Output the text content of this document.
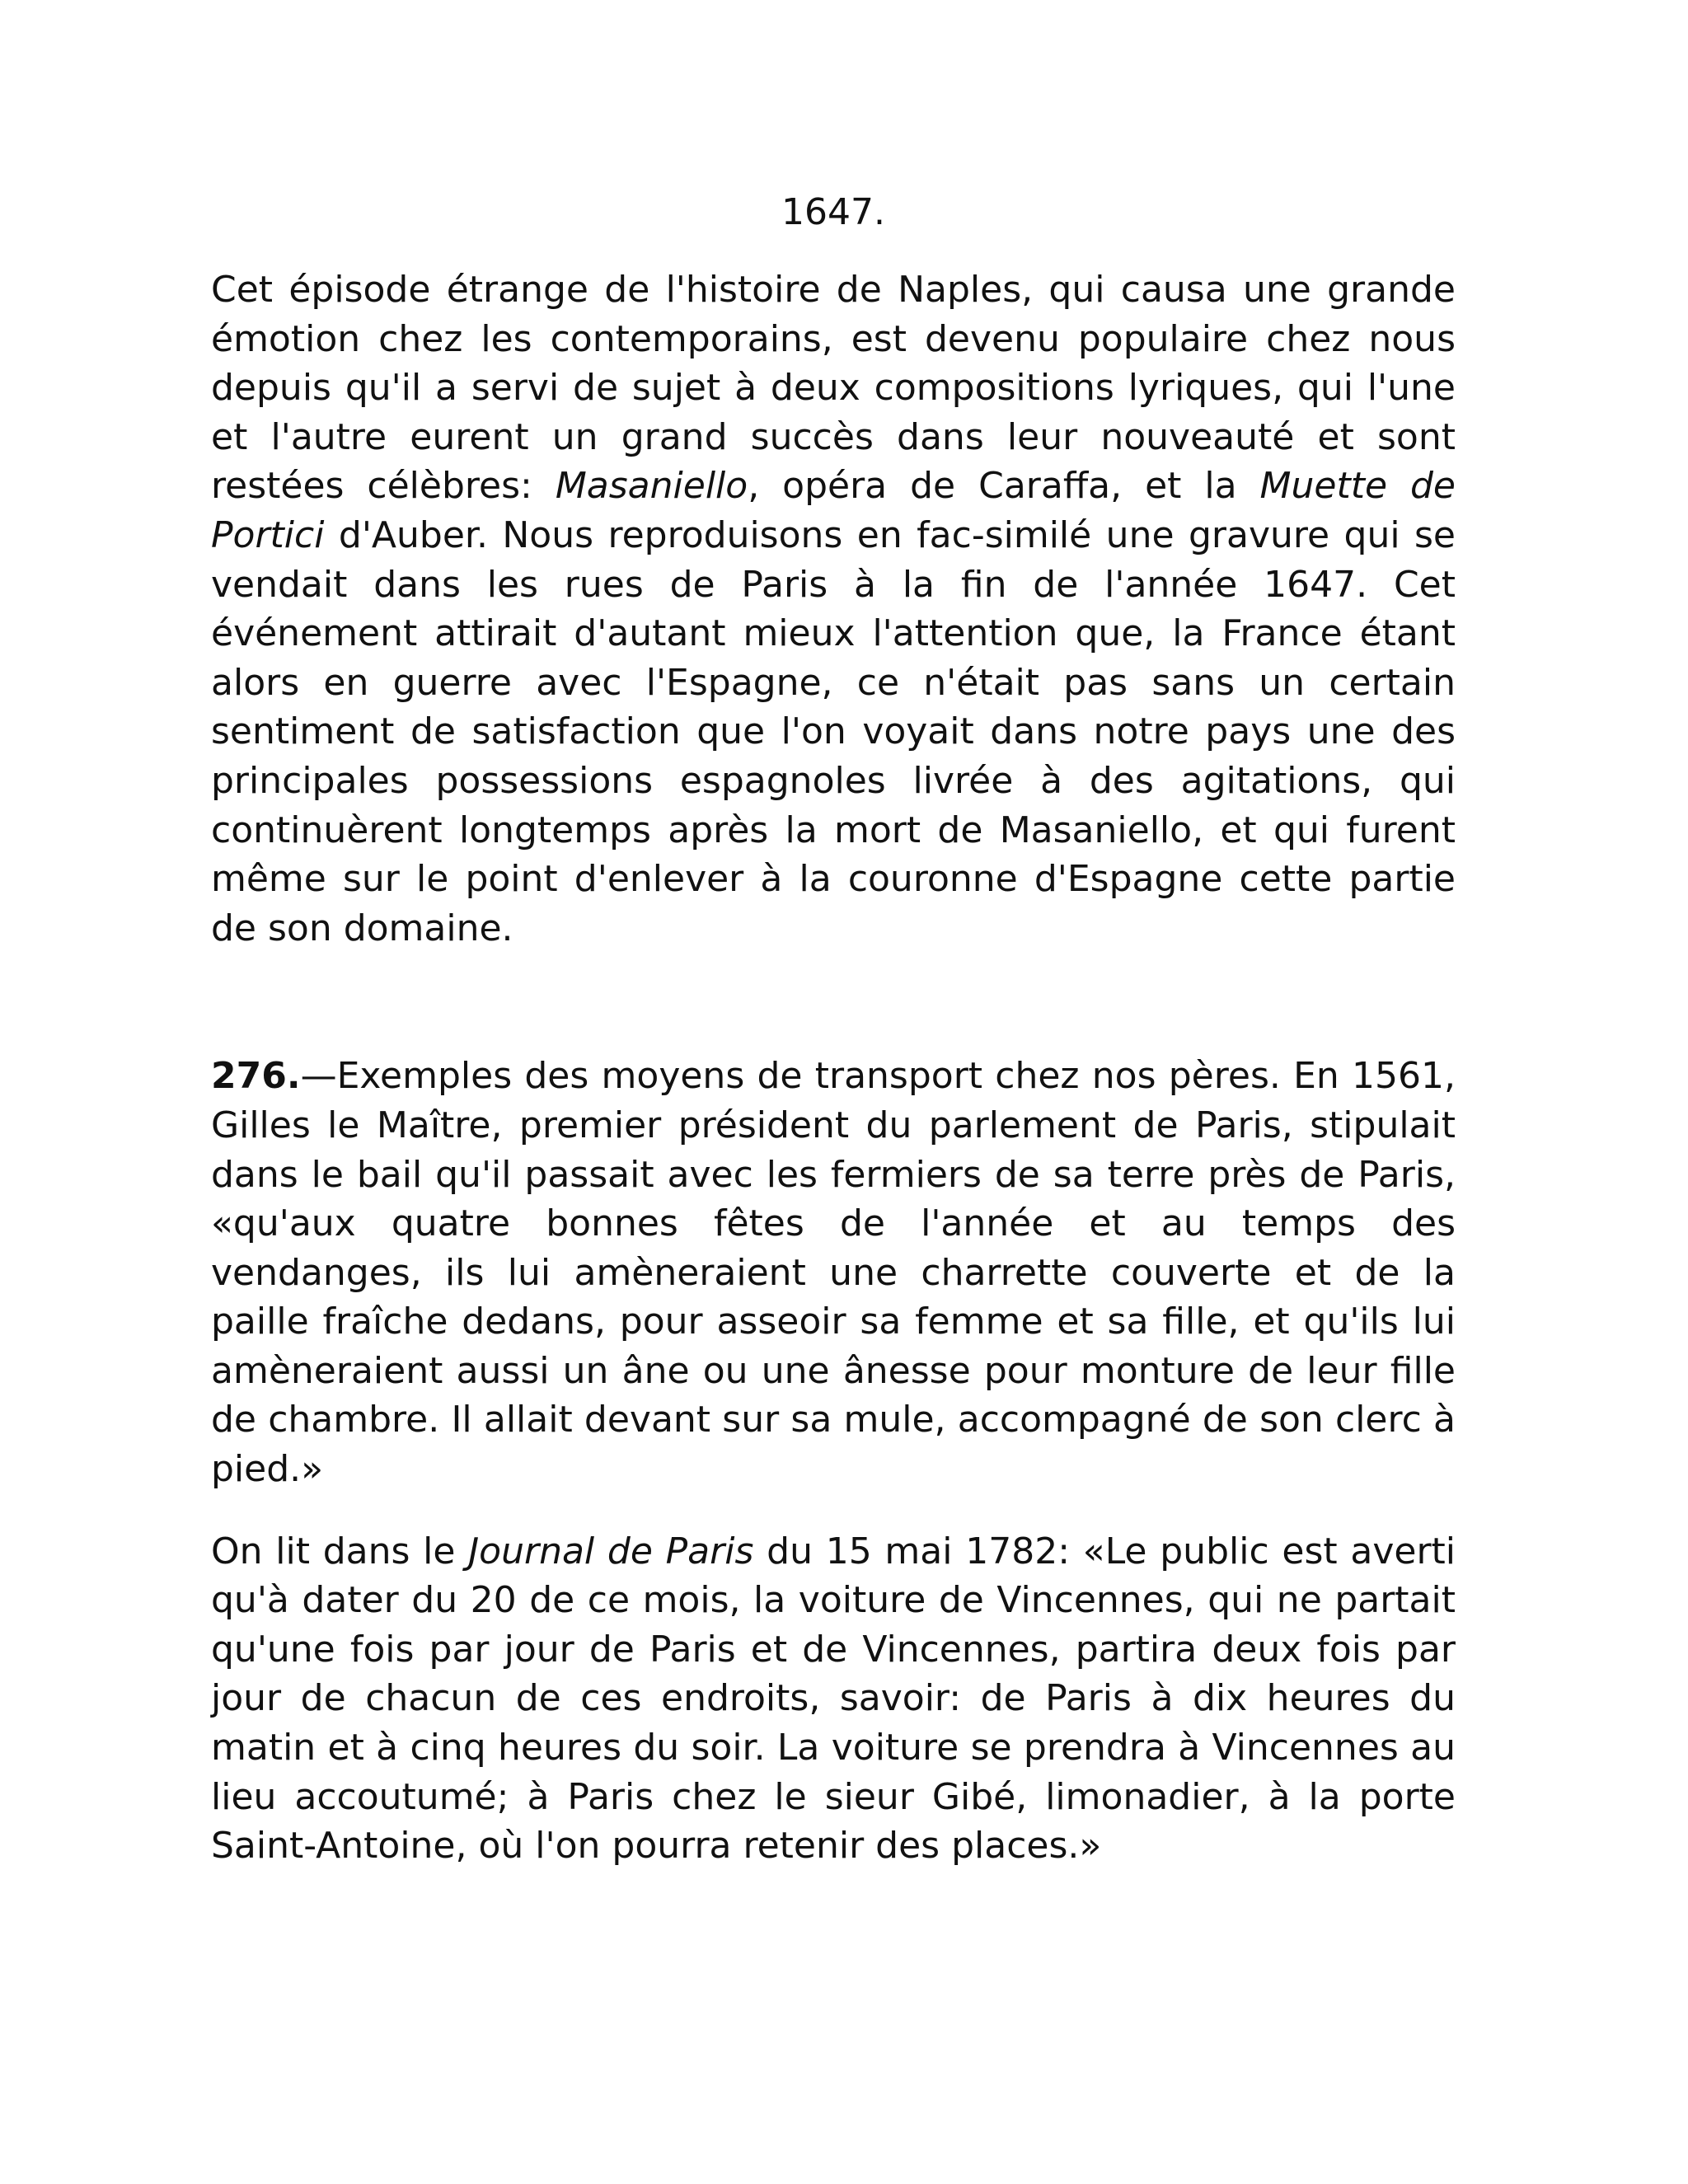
1647.

Cet épisode étrange de l'histoire de Naples, qui causa une grande émotion chez les contemporains, est devenu populaire chez nous depuis qu'il a servi de sujet à deux compositions lyriques, qui l'une et l'autre eurent un grand succès dans leur nouveauté et sont restées célèbres: Masaniello, opéra de Caraffa, et la Muette de Portici d'Auber. Nous reproduisons en fac-similé une gravure qui se vendait dans les rues de Paris à la fin de l'année 1647. Cet événement attirait d'autant mieux l'attention que, la France étant alors en guerre avec l'Espagne, ce n'était pas sans un certain sentiment de satisfaction que l'on voyait dans notre pays une des principales possessions espagnoles livrée à des agitations, qui continuèrent longtemps après la mort de Masaniello, et qui furent même sur le point d'enlever à la couronne d'Espagne cette partie de son domaine.

276.—Exemples des moyens de transport chez nos pères. En 1561, Gilles le Maître, premier président du parlement de Paris, stipulait dans le bail qu'il passait avec les fermiers de sa terre près de Paris, «qu'aux quatre bonnes fêtes de l'année et au temps des vendanges, ils lui amèneraient une charrette couverte et de la paille fraîche dedans, pour asseoir sa femme et sa fille, et qu'ils lui amèneraient aussi un âne ou une ânesse pour monture de leur fille de chambre. Il allait devant sur sa mule, accompagné de son clerc à pied.»

On lit dans le Journal de Paris du 15 mai 1782: «Le public est averti qu'à dater du 20 de ce mois, la voiture de Vincennes, qui ne partait qu'une fois par jour de Paris et de Vincennes, partira deux fois par jour de chacun de ces endroits, savoir: de Paris à dix heures du matin et à cinq heures du soir. La voiture se prendra à Vincennes au lieu accoutumé; à Paris chez le sieur Gibé, limonadier, à la porte Saint-Antoine, où l'on pourra retenir des places.»
